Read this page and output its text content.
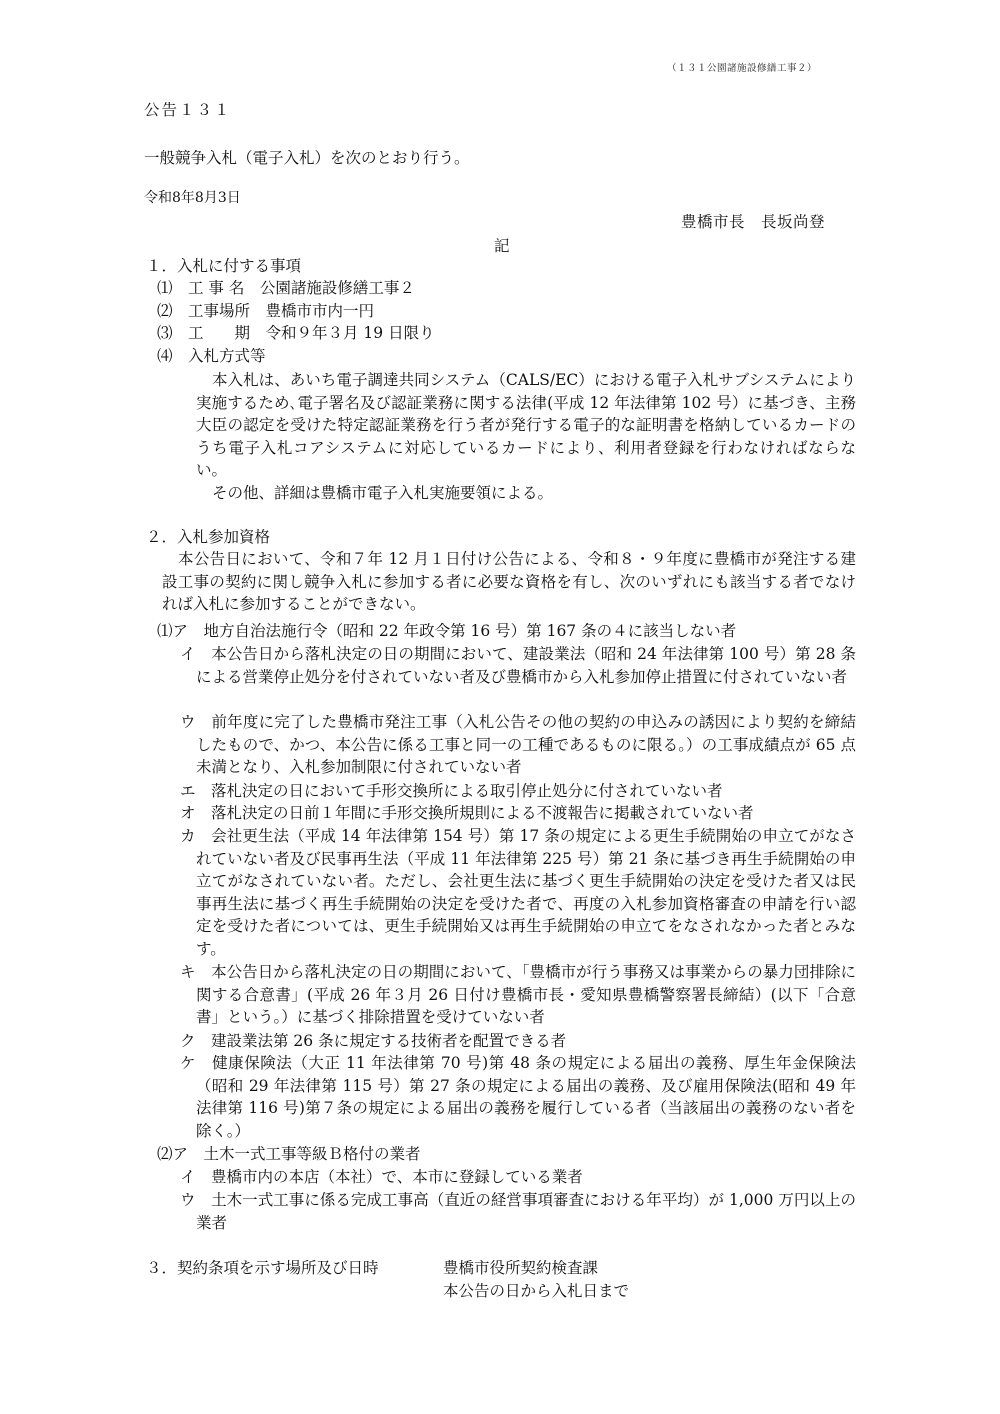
（１３１公園諸施設修繕工事２）
公告１３１
一般競争入札（電子入札）を次のとおり行う。
令和8年8月3日
豊橋市長　長坂尚登
記
１．入札に付する事項
⑴　工 事 名　公園諸施設修繕工事２
⑵　工事場所　豊橋市市内一円
⑶　工　　期　令和９年３月 19 日限り
⑷　入札方式等
本入札は、あいち電子調達共同システム（CALS/EC）における電子入札サブシステムにより実施するため､電子署名及び認証業務に関する法律(平成 12 年法律第 102 号）に基づき、主務大臣の認定を受けた特定認証業務を行う者が発行する電子的な証明書を格納しているカードのうち電子入札コアシステムに対応しているカードにより、利用者登録を行わなければならない。
その他、詳細は豊橋市電子入札実施要領による。
２．入札参加資格
本公告日において、令和７年 12 月１日付け公告による、令和８・９年度に豊橋市が発注する建設工事の契約に関し競争入札に参加する者に必要な資格を有し、次のいずれにも該当する者でなければ入札に参加することができない。
⑴ア　地方自治法施行令（昭和 22 年政令第 16 号）第 167 条の４に該当しない者
イ　本公告日から落札決定の日の期間において、建設業法（昭和 24 年法律第 100 号）第 28 条による営業停止処分を付されていない者及び豊橋市から入札参加停止措置に付されていない者
ウ　前年度に完了した豊橋市発注工事（入札公告その他の契約の申込みの誘因により契約を締結したもので、かつ、本公告に係る工事と同一の工種であるものに限る。）の工事成績点が 65 点未満となり、入札参加制限に付されていない者
エ　落札決定の日において手形交換所による取引停止処分に付されていない者
オ　落札決定の日前１年間に手形交換所規則による不渡報告に掲載されていない者
カ　会社更生法（平成 14 年法律第 154 号）第 17 条の規定による更生手続開始の申立てがなされていない者及び民事再生法（平成 11 年法律第 225 号）第 21 条に基づき再生手続開始の申立てがなされていない者。ただし、会社更生法に基づく更生手続開始の決定を受けた者又は民事再生法に基づく再生手続開始の決定を受けた者で、再度の入札参加資格審査の申請を行い認定を受けた者については、更生手続開始又は再生手続開始の申立てをなされなかった者とみなす。
キ　本公告日から落札決定の日の期間において、「豊橋市が行う事務又は事業からの暴力団排除に関する合意書」(平成 26 年３月 26 日付け豊橋市長・愛知県豊橋警察署長締結）(以下「合意書」という。）に基づく排除措置を受けていない者
ク　建設業法第 26 条に規定する技術者を配置できる者
ケ　健康保険法（大正 11 年法律第 70 号)第 48 条の規定による届出の義務、厚生年金保険法（昭和 29 年法律第 115 号）第 27 条の規定による届出の義務、及び雇用保険法(昭和 49 年法律第 116 号)第７条の規定による届出の義務を履行している者（当該届出の義務のない者を除く。）
⑵ア　土木一式工事等級Ｂ格付の業者
イ　豊橋市内の本店（本社）で、本市に登録している業者
ウ　土木一式工事に係る完成工事高（直近の経営事項審査における年平均）が 1,000 万円以上の業者
３．契約条項を示す場所及び日時	豊橋市役所契約検査課
本公告の日から入札日まで
